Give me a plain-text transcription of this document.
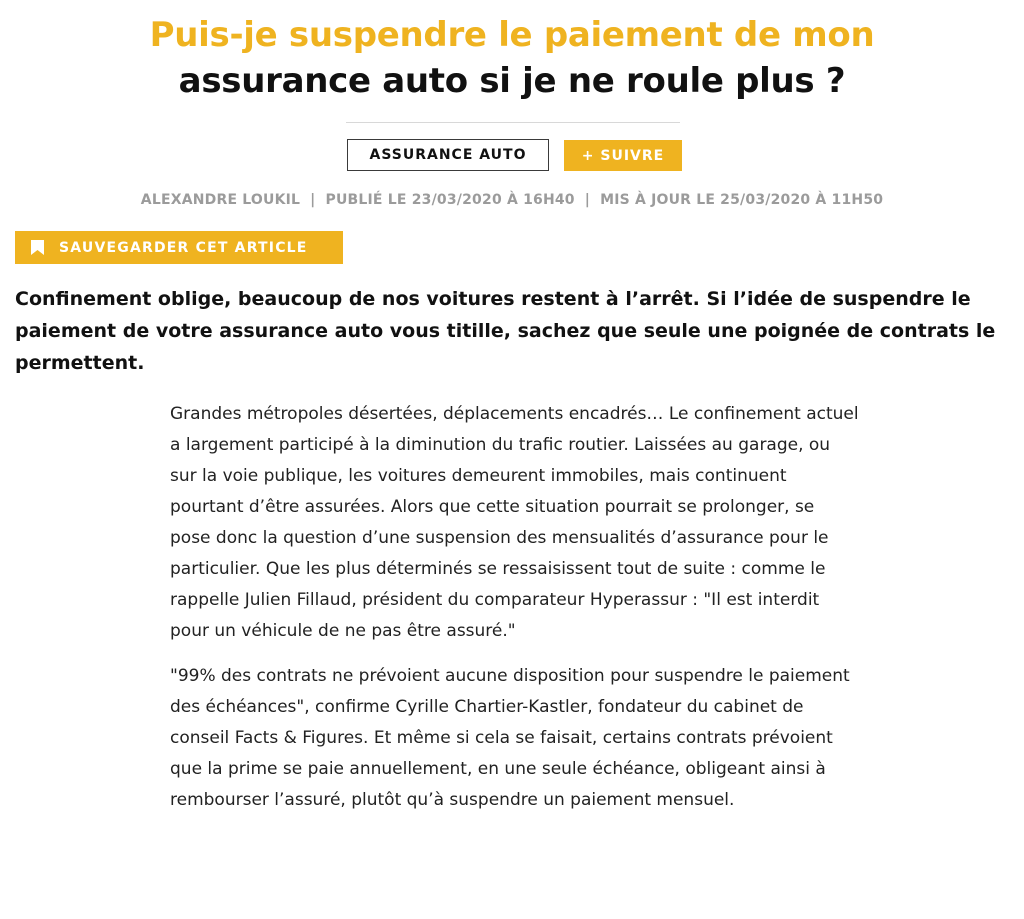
Puis-je suspendre le paiement de mon
assurance auto si je ne roule plus ?
ASSURANCE AUTO	+ SUIVRE
ALEXANDRE LOUKIL | PUBLIÉ LE 23/03/2020 À 16H40 | MIS À JOUR LE 25/03/2020 À 11H50
SAUVEGARDER CET ARTICLE

Confinement oblige, beaucoup de nos voitures restent à l’arrêt. Si l’idée de suspendre le paiement de votre assurance auto vous titille, sachez que seule une poignée de contrats le permettent.

Grandes métropoles désertées, déplacements encadrés… Le confinement actuel a largement participé à la diminution du trafic routier. Laissées au garage, ou sur la voie publique, les voitures demeurent immobiles, mais continuent pourtant d’être assurées. Alors que cette situation pourrait se prolonger, se pose donc la question d’une suspension des mensualités d’assurance pour le particulier. Que les plus déterminés se ressaisissent tout de suite : comme le rappelle Julien Fillaud, président du comparateur Hyperassur : "Il est interdit pour un véhicule de ne pas être assuré."

"99% des contrats ne prévoient aucune disposition pour suspendre le paiement des échéances", confirme Cyrille Chartier-Kastler, fondateur du cabinet de conseil Facts & Figures. Et même si cela se faisait, certains contrats prévoient que la prime se paie annuellement, en une seule échéance, obligeant ainsi à rembourser l’assuré, plutôt qu’à suspendre un paiement mensuel.
